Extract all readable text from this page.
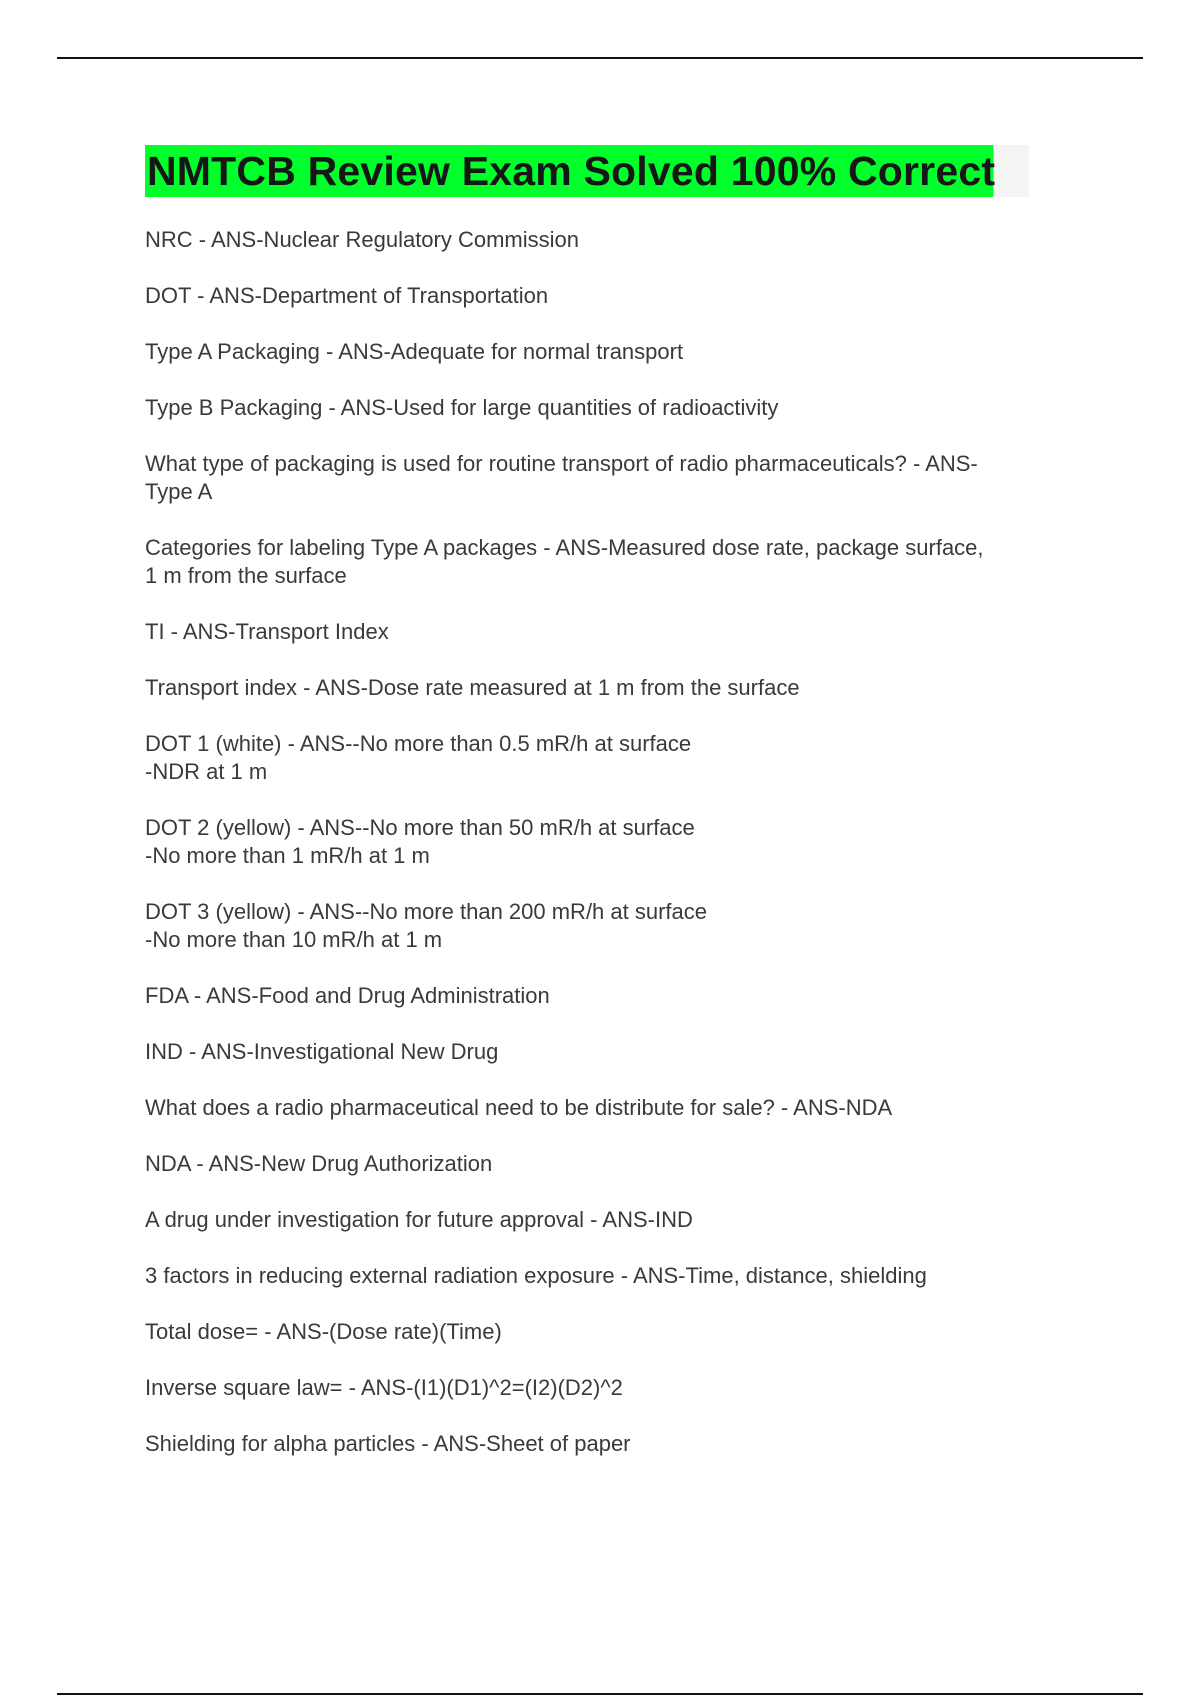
NMTCB Review Exam Solved 100% Correct
NRC - ANS-Nuclear Regulatory Commission
DOT - ANS-Department of Transportation
Type A Packaging - ANS-Adequate for normal transport
Type B Packaging - ANS-Used for large quantities of radioactivity
What type of packaging is used for routine transport of radio pharmaceuticals? - ANS-
Type A
Categories for labeling Type A packages - ANS-Measured dose rate, package surface,
1 m from the surface
TI - ANS-Transport Index
Transport index - ANS-Dose rate measured at 1 m from the surface
DOT 1 (white) - ANS--No more than 0.5 mR/h at surface
-NDR at 1 m
DOT 2 (yellow) - ANS--No more than 50 mR/h at surface
-No more than 1 mR/h at 1 m
DOT 3 (yellow) - ANS--No more than 200 mR/h at surface
-No more than 10 mR/h at 1 m
FDA - ANS-Food and Drug Administration
IND - ANS-Investigational New Drug
What does a radio pharmaceutical need to be distribute for sale? - ANS-NDA
NDA - ANS-New Drug Authorization
A drug under investigation for future approval - ANS-IND
3 factors in reducing external radiation exposure - ANS-Time, distance, shielding
Total dose= - ANS-(Dose rate)(Time)
Inverse square law= - ANS-(I1)(D1)^2=(I2)(D2)^2
Shielding for alpha particles - ANS-Sheet of paper
